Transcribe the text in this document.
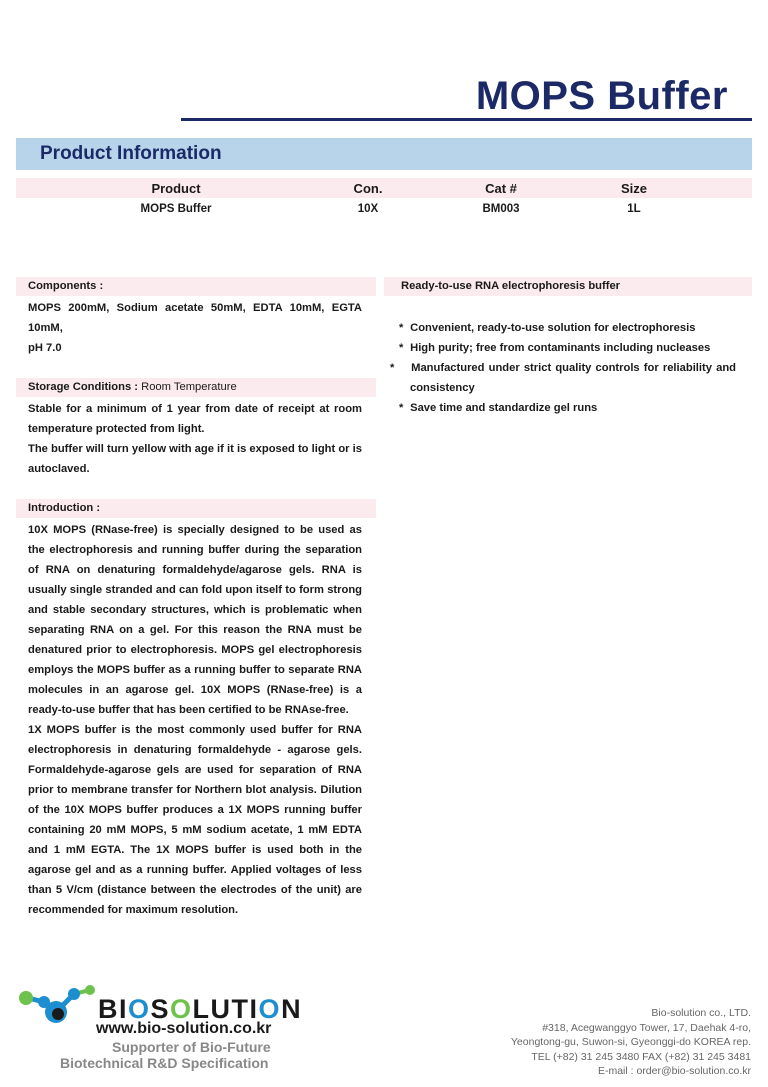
MOPS Buffer
Product Information
Product	Con.	Cat #	Size
MOPS Buffer	10X	BM003	1L
Components :

MOPS 200mM, Sodium acetate 50mM, EDTA 10mM, EGTA 10mM,

pH 7.0

Storage Conditions : Room Temperature

Stable for a minimum of 1 year from date of receipt at room temperature protected from light.

The buffer will turn yellow with age if it is exposed to light or is autoclaved.

Introduction :

10X MOPS (RNase-free) is specially designed to be used as the electrophoresis and running buffer during the separation of RNA on denaturing formaldehyde/agarose gels. RNA is usually single stranded and can fold upon itself to form strong and stable secondary structures, which is problematic when separating RNA on a gel. For this reason the RNA must be denatured prior to electrophoresis. MOPS gel electrophoresis employs the MOPS buffer as a running buffer to separate RNA molecules in an agarose gel. 10X MOPS (RNase-free) is a ready-to-use buffer that has been certified to be RNAse-free.

1X MOPS buffer is the most commonly used buffer for RNA electrophoresis in denaturing formaldehyde - agarose gels. Formaldehyde-agarose gels are used for separation of RNA prior to membrane transfer for Northern blot analysis. Dilution of the 10X MOPS buffer produces a 1X MOPS running buffer containing 20 mM MOPS, 5 mM sodium acetate, 1 mM EDTA and 1 mM EGTA. The 1X MOPS buffer is used both in the agarose gel and as a running buffer. Applied voltages of less than 5 V/cm (distance between the electrodes of the unit) are recommended for maximum resolution.

Ready-to-use RNA electrophoresis buffer

* Convenient, ready-to-use solution for electrophoresis

* High purity; free from contaminants including nucleases

* Manufactured under strict quality controls for reliability and consistency

* Save time and standardize gel runs

BIOSOLUTION
www.bio-solution.co.kr
Supporter of Bio-Future
Biotechnical R&D Specification
Bio-solution co., LTD.
#318, Acegwanggyo Tower, 17, Daehak 4-ro,
Yeongtong-gu, Suwon-si, Gyeonggi-do KOREA rep.
TEL (+82) 31 245 3480 FAX (+82) 31 245 3481
E-mail : order@bio-solution.co.kr
